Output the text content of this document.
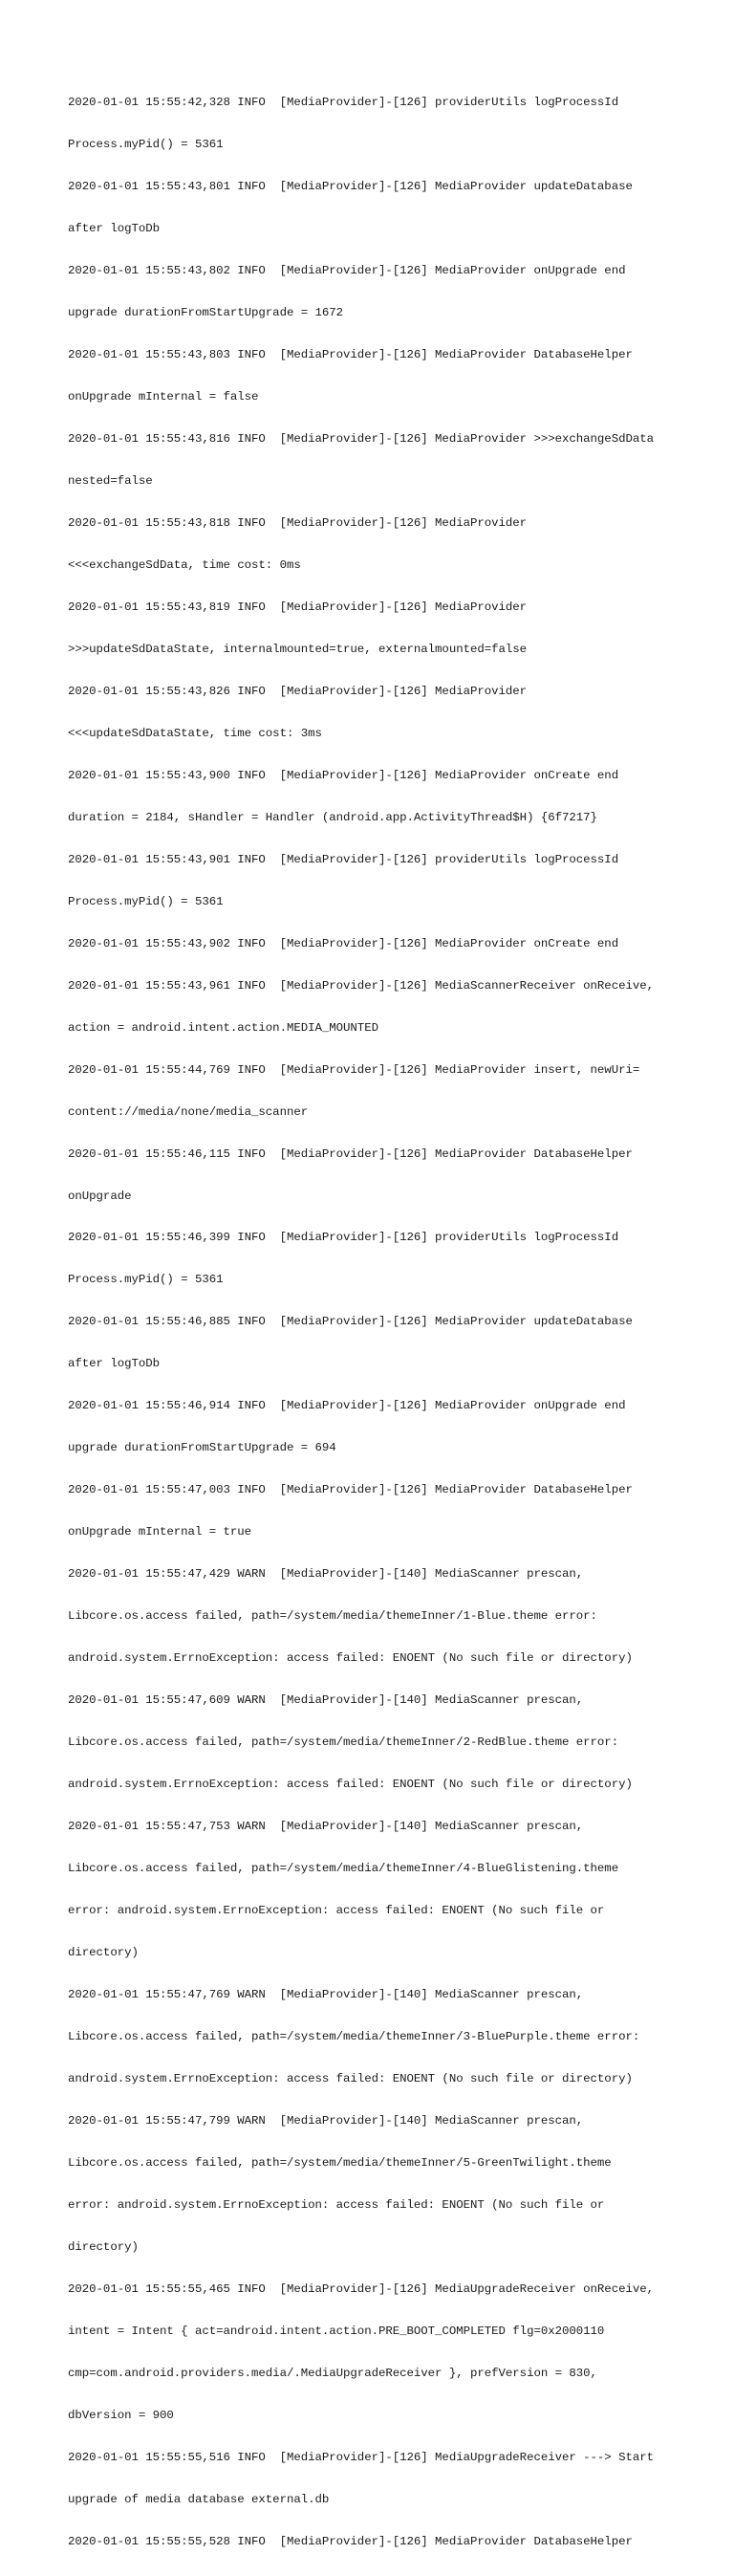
2020-01-01 15:55:42,328 INFO  [MediaProvider]-[126] providerUtils logProcessId

Process.myPid() = 5361

2020-01-01 15:55:43,801 INFO  [MediaProvider]-[126] MediaProvider updateDatabase

after logToDb

2020-01-01 15:55:43,802 INFO  [MediaProvider]-[126] MediaProvider onUpgrade end

upgrade durationFromStartUpgrade = 1672

2020-01-01 15:55:43,803 INFO  [MediaProvider]-[126] MediaProvider DatabaseHelper

onUpgrade mInternal = false

2020-01-01 15:55:43,816 INFO  [MediaProvider]-[126] MediaProvider >>>exchangeSdData

nested=false

2020-01-01 15:55:43,818 INFO  [MediaProvider]-[126] MediaProvider

<<<exchangeSdData, time cost: 0ms

2020-01-01 15:55:43,819 INFO  [MediaProvider]-[126] MediaProvider

>>>updateSdDataState, internalmounted=true, externalmounted=false

2020-01-01 15:55:43,826 INFO  [MediaProvider]-[126] MediaProvider

<<<updateSdDataState, time cost: 3ms

2020-01-01 15:55:43,900 INFO  [MediaProvider]-[126] MediaProvider onCreate end

duration = 2184, sHandler = Handler (android.app.ActivityThread$H) {6f7217}

2020-01-01 15:55:43,901 INFO  [MediaProvider]-[126] providerUtils logProcessId

Process.myPid() = 5361

2020-01-01 15:55:43,902 INFO  [MediaProvider]-[126] MediaProvider onCreate end

2020-01-01 15:55:43,961 INFO  [MediaProvider]-[126] MediaScannerReceiver onReceive,

action = android.intent.action.MEDIA_MOUNTED

2020-01-01 15:55:44,769 INFO  [MediaProvider]-[126] MediaProvider insert, newUri=

content://media/none/media_scanner

2020-01-01 15:55:46,115 INFO  [MediaProvider]-[126] MediaProvider DatabaseHelper

onUpgrade

2020-01-01 15:55:46,399 INFO  [MediaProvider]-[126] providerUtils logProcessId

Process.myPid() = 5361

2020-01-01 15:55:46,885 INFO  [MediaProvider]-[126] MediaProvider updateDatabase

after logToDb

2020-01-01 15:55:46,914 INFO  [MediaProvider]-[126] MediaProvider onUpgrade end

upgrade durationFromStartUpgrade = 694

2020-01-01 15:55:47,003 INFO  [MediaProvider]-[126] MediaProvider DatabaseHelper

onUpgrade mInternal = true

2020-01-01 15:55:47,429 WARN  [MediaProvider]-[140] MediaScanner prescan,

Libcore.os.access failed, path=/system/media/themeInner/1-Blue.theme error:

android.system.ErrnoException: access failed: ENOENT (No such file or directory)

2020-01-01 15:55:47,609 WARN  [MediaProvider]-[140] MediaScanner prescan,

Libcore.os.access failed, path=/system/media/themeInner/2-RedBlue.theme error:

android.system.ErrnoException: access failed: ENOENT (No such file or directory)

2020-01-01 15:55:47,753 WARN  [MediaProvider]-[140] MediaScanner prescan,

Libcore.os.access failed, path=/system/media/themeInner/4-BlueGlistening.theme

error: android.system.ErrnoException: access failed: ENOENT (No such file or

directory)

2020-01-01 15:55:47,769 WARN  [MediaProvider]-[140] MediaScanner prescan,

Libcore.os.access failed, path=/system/media/themeInner/3-BluePurple.theme error:

android.system.ErrnoException: access failed: ENOENT (No such file or directory)

2020-01-01 15:55:47,799 WARN  [MediaProvider]-[140] MediaScanner prescan,

Libcore.os.access failed, path=/system/media/themeInner/5-GreenTwilight.theme

error: android.system.ErrnoException: access failed: ENOENT (No such file or

directory)

2020-01-01 15:55:55,465 INFO  [MediaProvider]-[126] MediaUpgradeReceiver onReceive,

intent = Intent { act=android.intent.action.PRE_BOOT_COMPLETED flg=0x2000110

cmp=com.android.providers.media/.MediaUpgradeReceiver }, prefVersion = 830,

dbVersion = 900

2020-01-01 15:55:55,516 INFO  [MediaProvider]-[126] MediaUpgradeReceiver ---> Start

upgrade of media database external.db

2020-01-01 15:55:55,528 INFO  [MediaProvider]-[126] MediaProvider DatabaseHelper
